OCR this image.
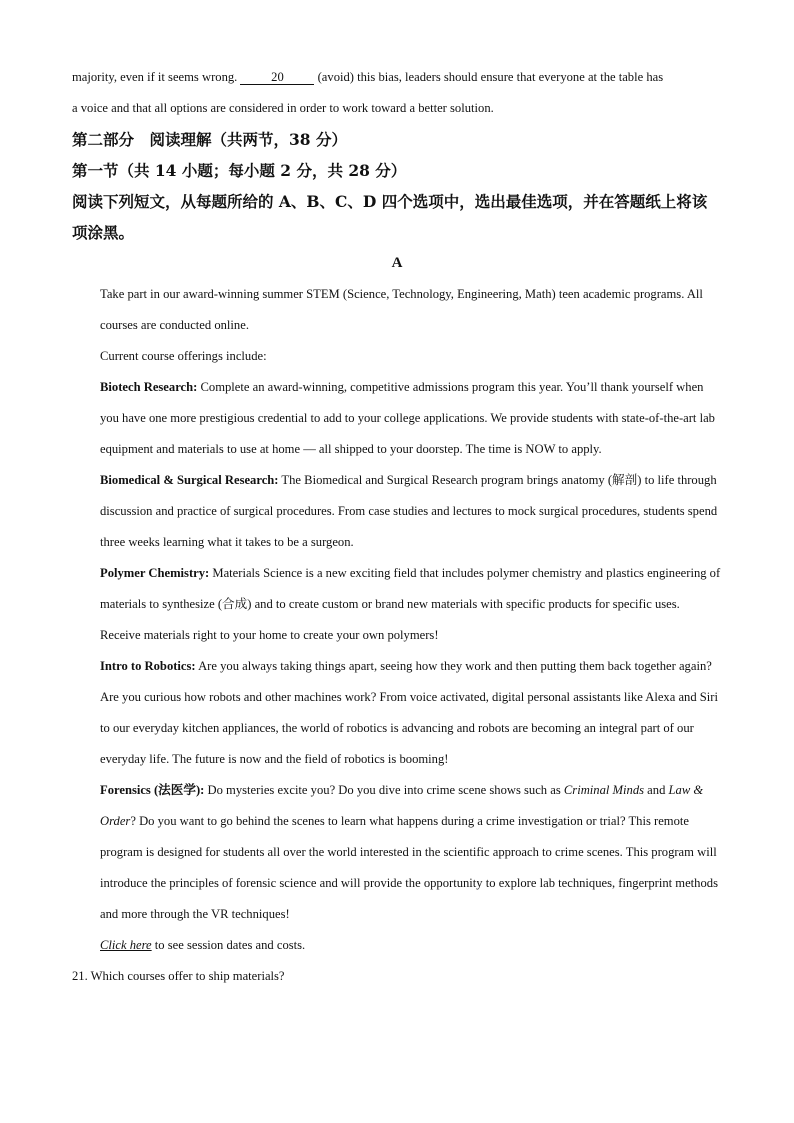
majority, even if it seems wrong. 20 (avoid) this bias, leaders should ensure that everyone at the table has

a voice and that all options are considered in order to work toward a better solution.

第二部分　阅读理解（共两节，38 分）

第一节（共 14 小题；每小题 2 分，共 28 分）

阅读下列短文，从每题所给的 A、B、C、D 四个选项中，选出最佳选项，并在答题纸上将该项涂黑。

A

Take part in our award-winning summer STEM (Science, Technology, Engineering, Math) teen academic programs. All courses are conducted online.

Current course offerings include:

Biotech Research: Complete an award-winning, competitive admissions program this year. You’ll thank yourself when you have one more prestigious credential to add to your college applications. We provide students with state-of-the-art lab equipment and materials to use at home — all shipped to your doorstep. The time is NOW to apply.

Biomedical & Surgical Research: The Biomedical and Surgical Research program brings anatomy (解剖) to life through discussion and practice of surgical procedures. From case studies and lectures to mock surgical procedures, students spend three weeks learning what it takes to be a surgeon.

Polymer Chemistry: Materials Science is a new exciting field that includes polymer chemistry and plastics engineering of materials to synthesize (合成) and to create custom or brand new materials with specific products for specific uses. Receive materials right to your home to create your own polymers!

Intro to Robotics: Are you always taking things apart, seeing how they work and then putting them back together again? Are you curious how robots and other machines work? From voice activated, digital personal assistants like Alexa and Siri to our everyday kitchen appliances, the world of robotics is advancing and robots are becoming an integral part of our everyday life. The future is now and the field of robotics is booming!

Forensics (法医学): Do mysteries excite you? Do you dive into crime scene shows such as Criminal Minds and Law & Order? Do you want to go behind the scenes to learn what happens during a crime investigation or trial? This remote program is designed for students all over the world interested in the scientific approach to crime scenes. This program will introduce the principles of forensic science and will provide the opportunity to explore lab techniques, fingerprint methods and more through the VR techniques!

Click here to see session dates and costs.

21. Which courses offer to ship materials?
